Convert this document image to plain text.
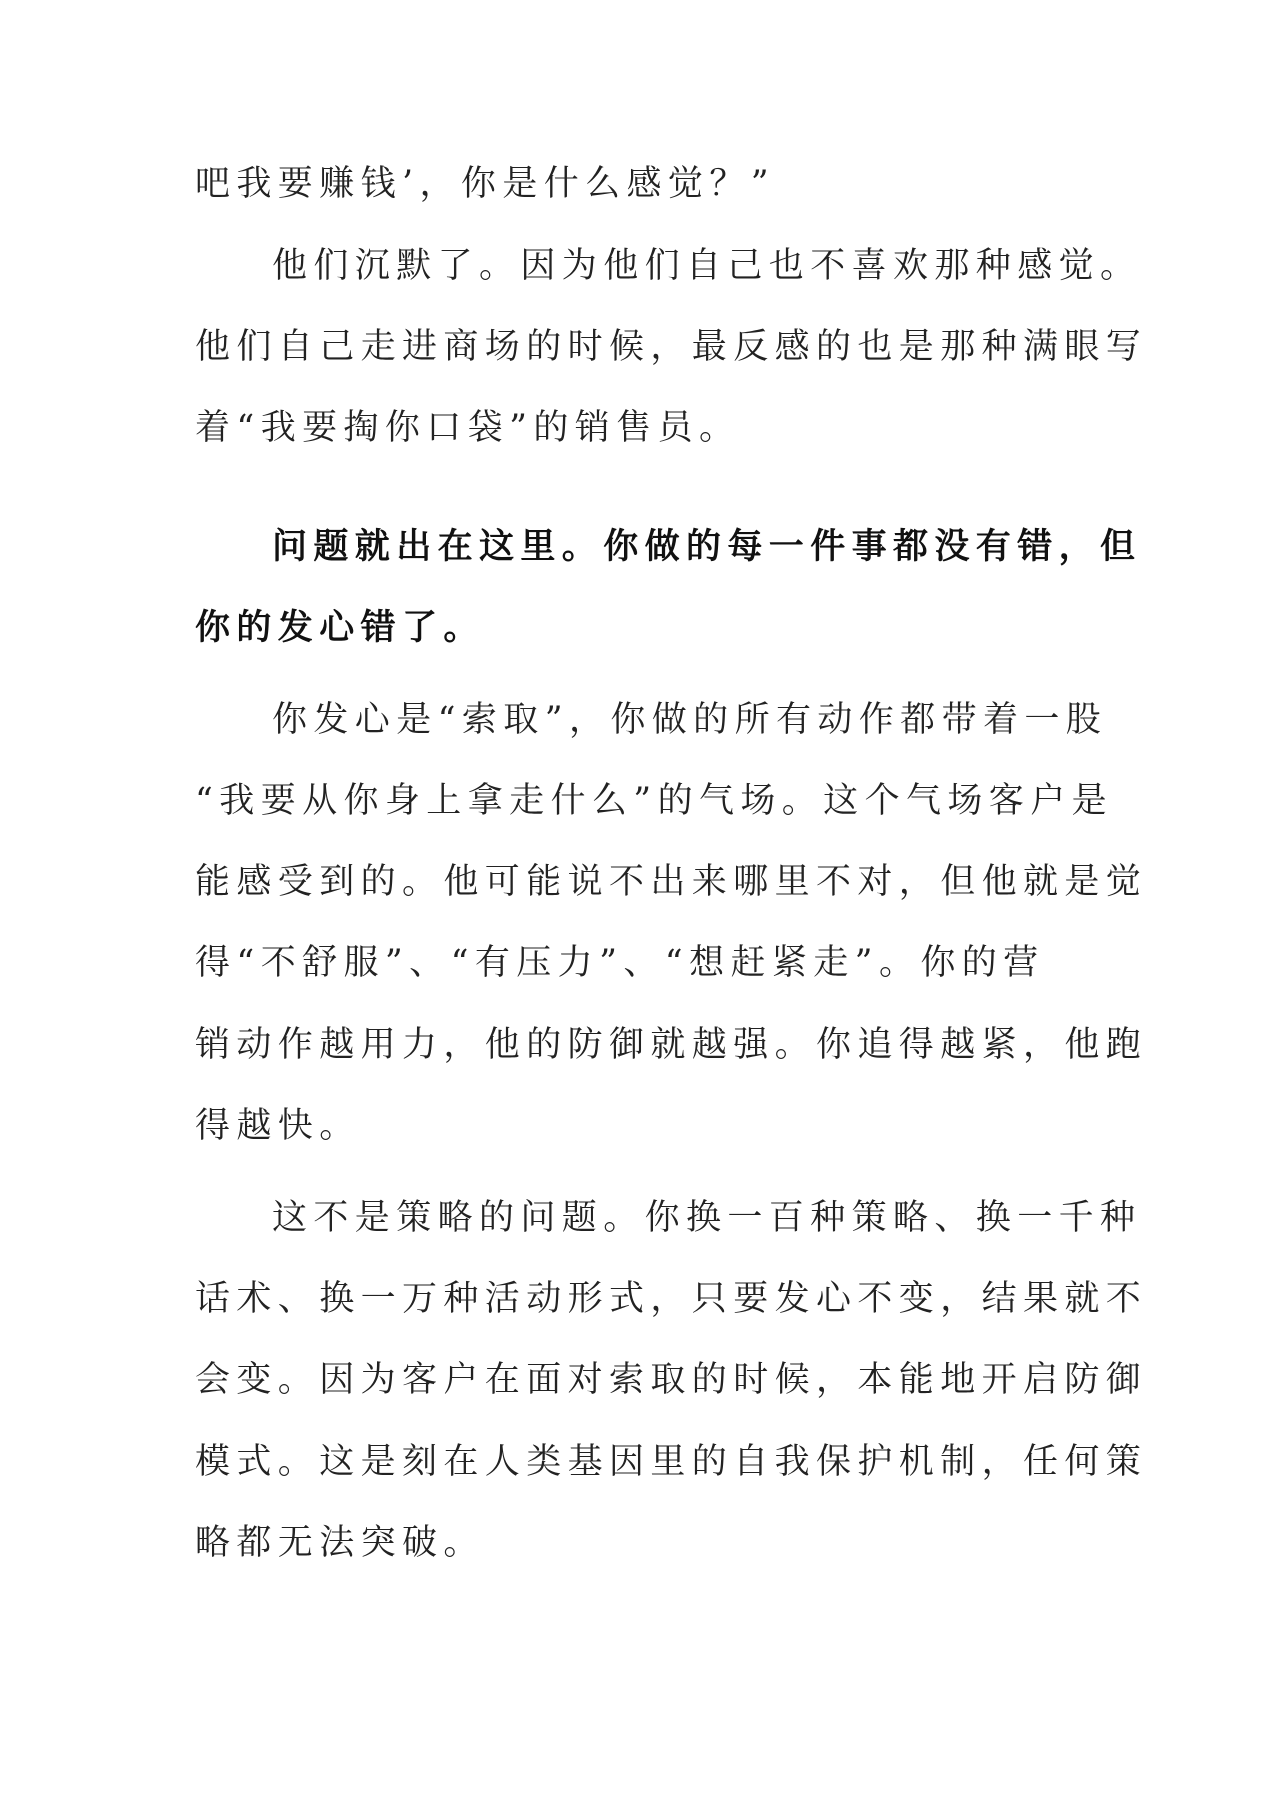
吧我要赚钱’，你是什么感觉？”
他们沉默了。因为他们自己也不喜欢那种感觉。
他们自己走进商场的时候，最反感的也是那种满眼写
着“我要掏你口袋”的销售员。
问题就出在这里。你做的每一件事都没有错，但
你的发心错了。
你发心是“索取”，你做的所有动作都带着一股
“我要从你身上拿走什么”的气场。这个气场客户是
能感受到的。他可能说不出来哪里不对，但他就是觉
得“不舒服”、“有压力”、“想赶紧走”。你的营
销动作越用力，他的防御就越强。你追得越紧，他跑
得越快。
这不是策略的问题。你换一百种策略、换一千种
话术、换一万种活动形式，只要发心不变，结果就不
会变。因为客户在面对索取的时候，本能地开启防御
模式。这是刻在人类基因里的自我保护机制，任何策
略都无法突破。
